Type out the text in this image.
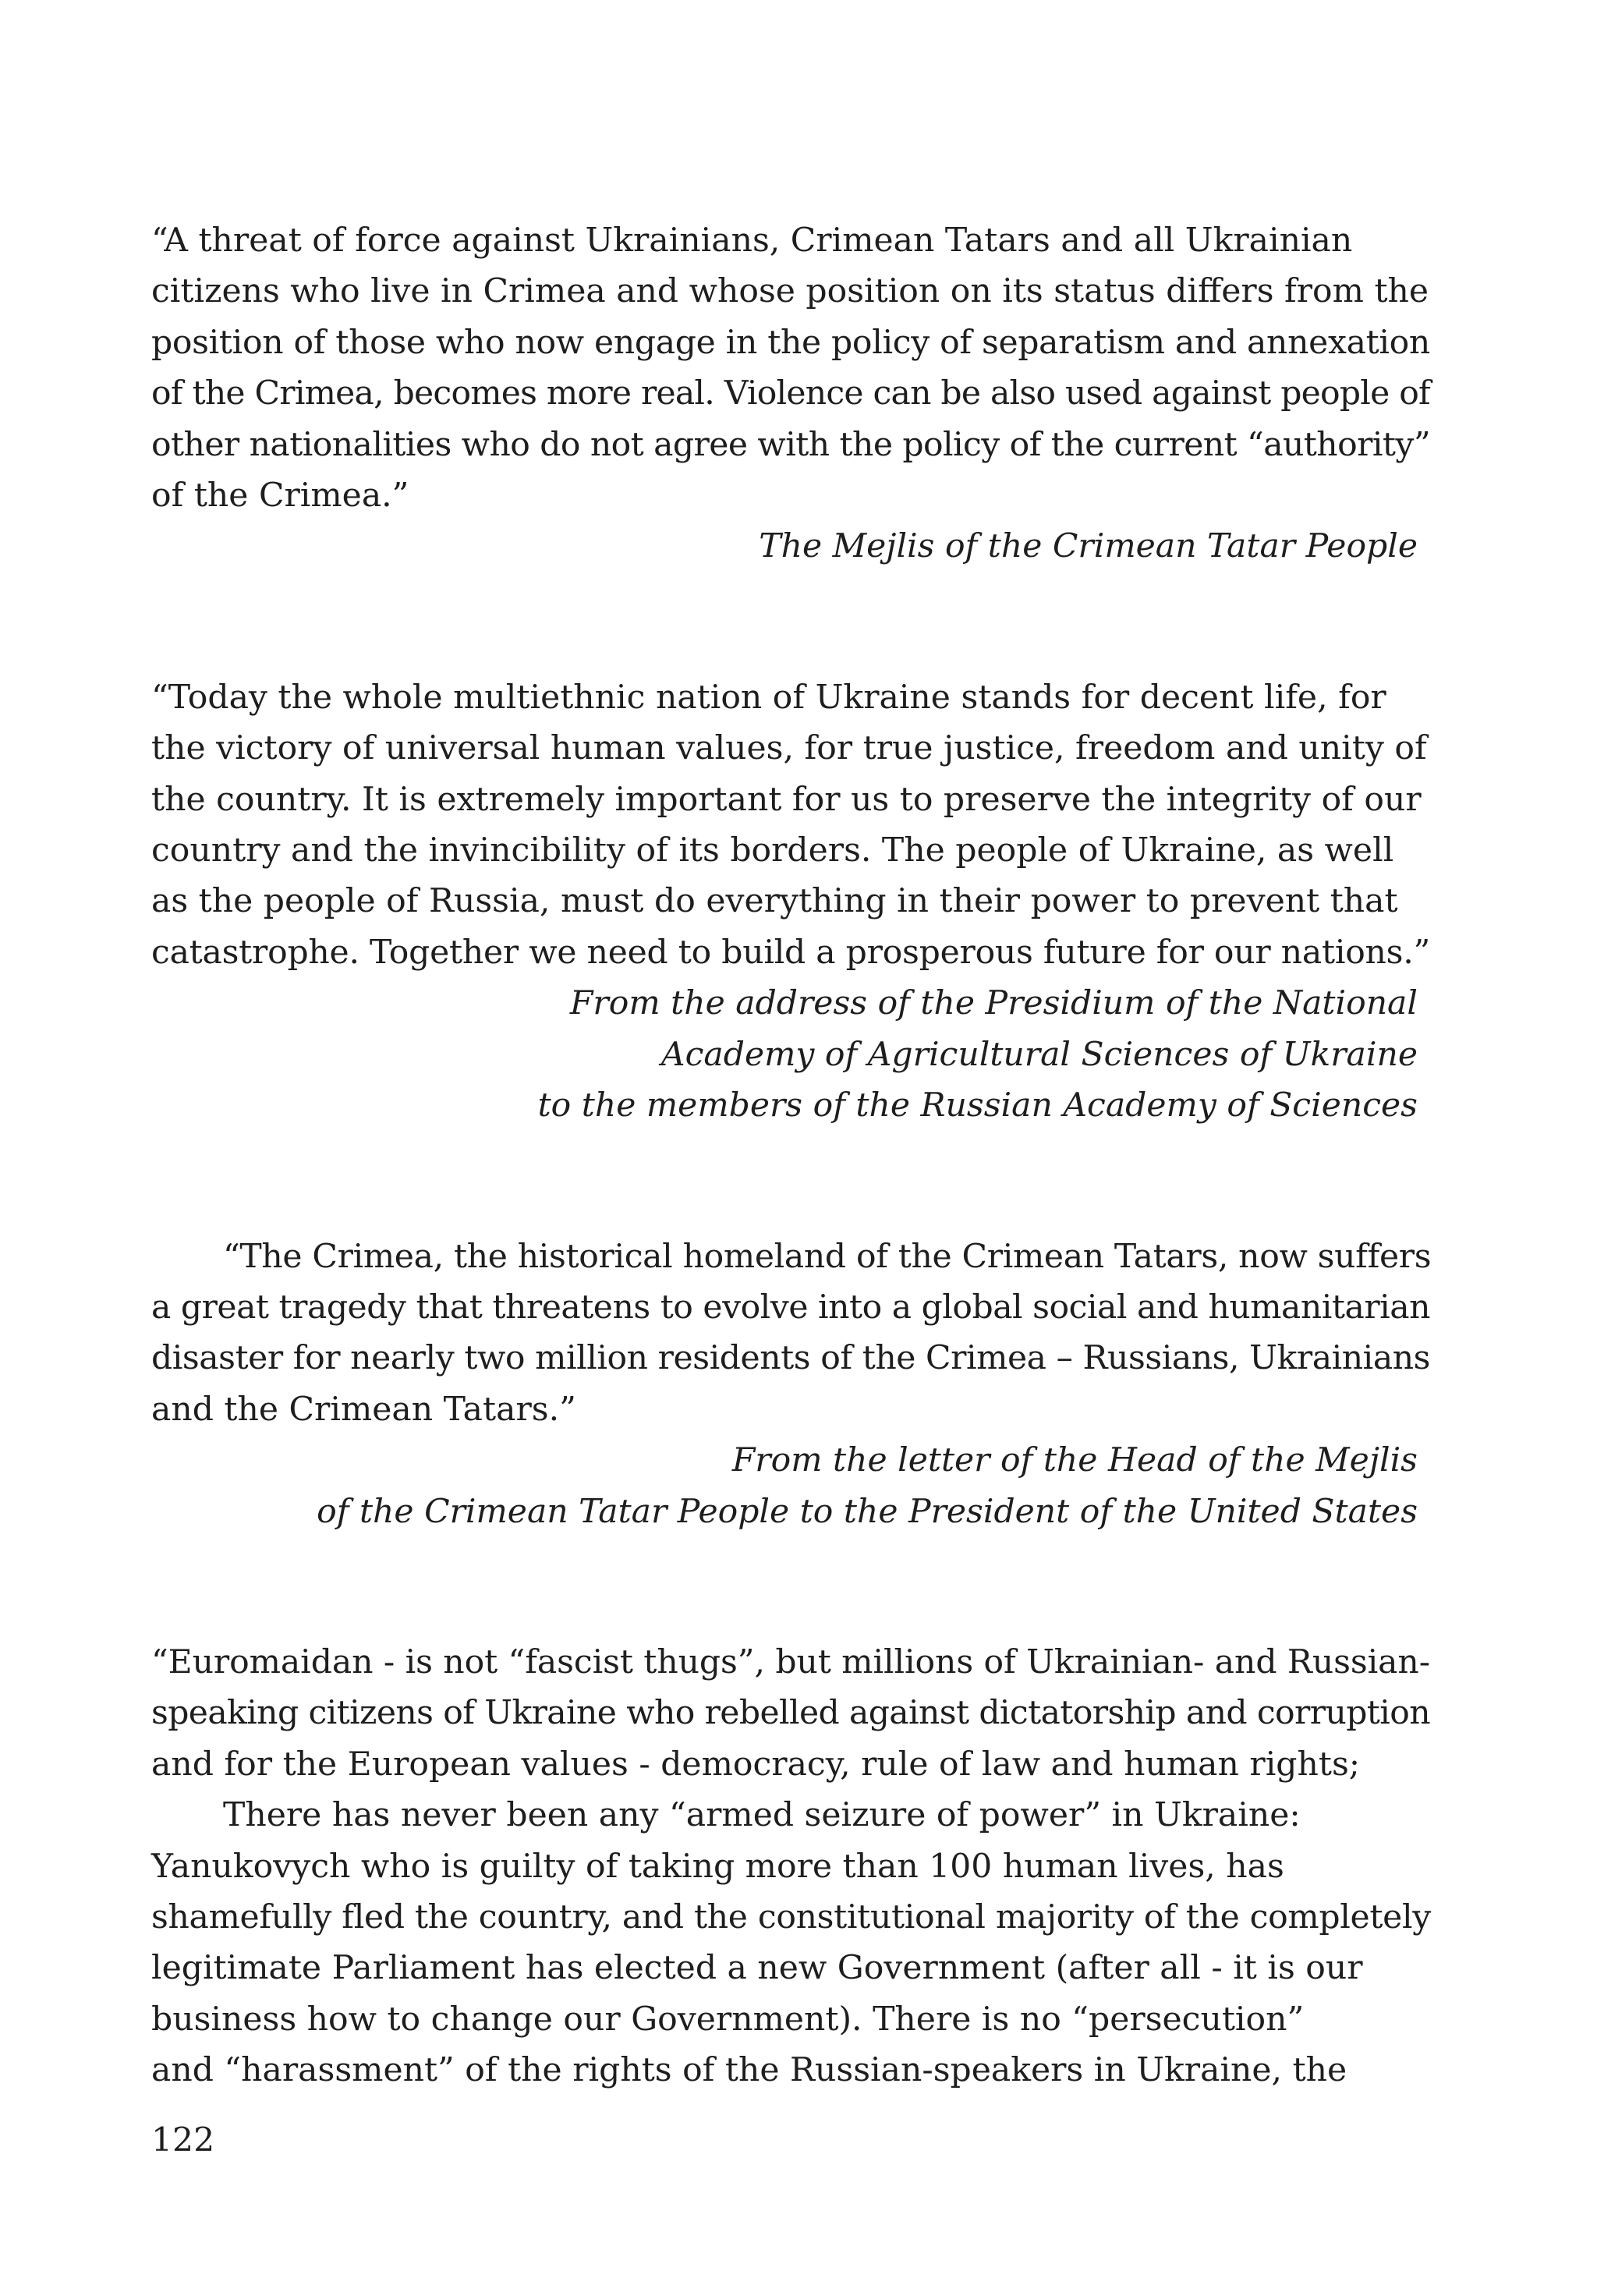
“A threat of force against Ukrainians, Crimean Tatars and all Ukrainian
citizens who live in Crimea and whose position on its status differs from the
position of those who now engage in the policy of separatism and annexation
of the Crimea, becomes more real. Violence can be also used against people of
other nationalities who do not agree with the policy of the current “authority”
of the Crimea.”

The Mejlis of the Crimean Tatar People

“Today the whole multiethnic nation of Ukraine stands for decent life, for
the victory of universal human values, for true justice, freedom and unity of
the country. It is extremely important for us to preserve the integrity of our
country and the invincibility of its borders. The people of Ukraine, as well
as the people of Russia, must do everything in their power to prevent that
catastrophe. Together we need to build a prosperous future for our nations.”

From the address of the Presidium of the National
Academy of Agricultural Sciences of Ukraine
to the members of the Russian Academy of Sciences

“The Crimea, the historical homeland of the Crimean Tatars, now suffers
a great tragedy that threatens to evolve into a global social and humanitarian
disaster for nearly two million residents of the Crimea – Russians, Ukrainians
and the Crimean Tatars.”

From the letter of the Head of the Mejlis
of the Crimean Tatar People to the President of the United States

“Euromaidan - is not “fascist thugs”, but millions of Ukrainian- and Russian-
speaking citizens of Ukraine who rebelled against dictatorship and corruption
and for the European values - democracy, rule of law and human rights;
There has never been any “armed seizure of power” in Ukraine:
Yanukovych who is guilty of taking more than 100 human lives, has
shamefully fled the country, and the constitutional majority of the completely
legitimate Parliament has elected a new Government (after all - it is our
business how to change our Government). There is no “persecution”
and “harassment” of the rights of the Russian-speakers in Ukraine, the

122
